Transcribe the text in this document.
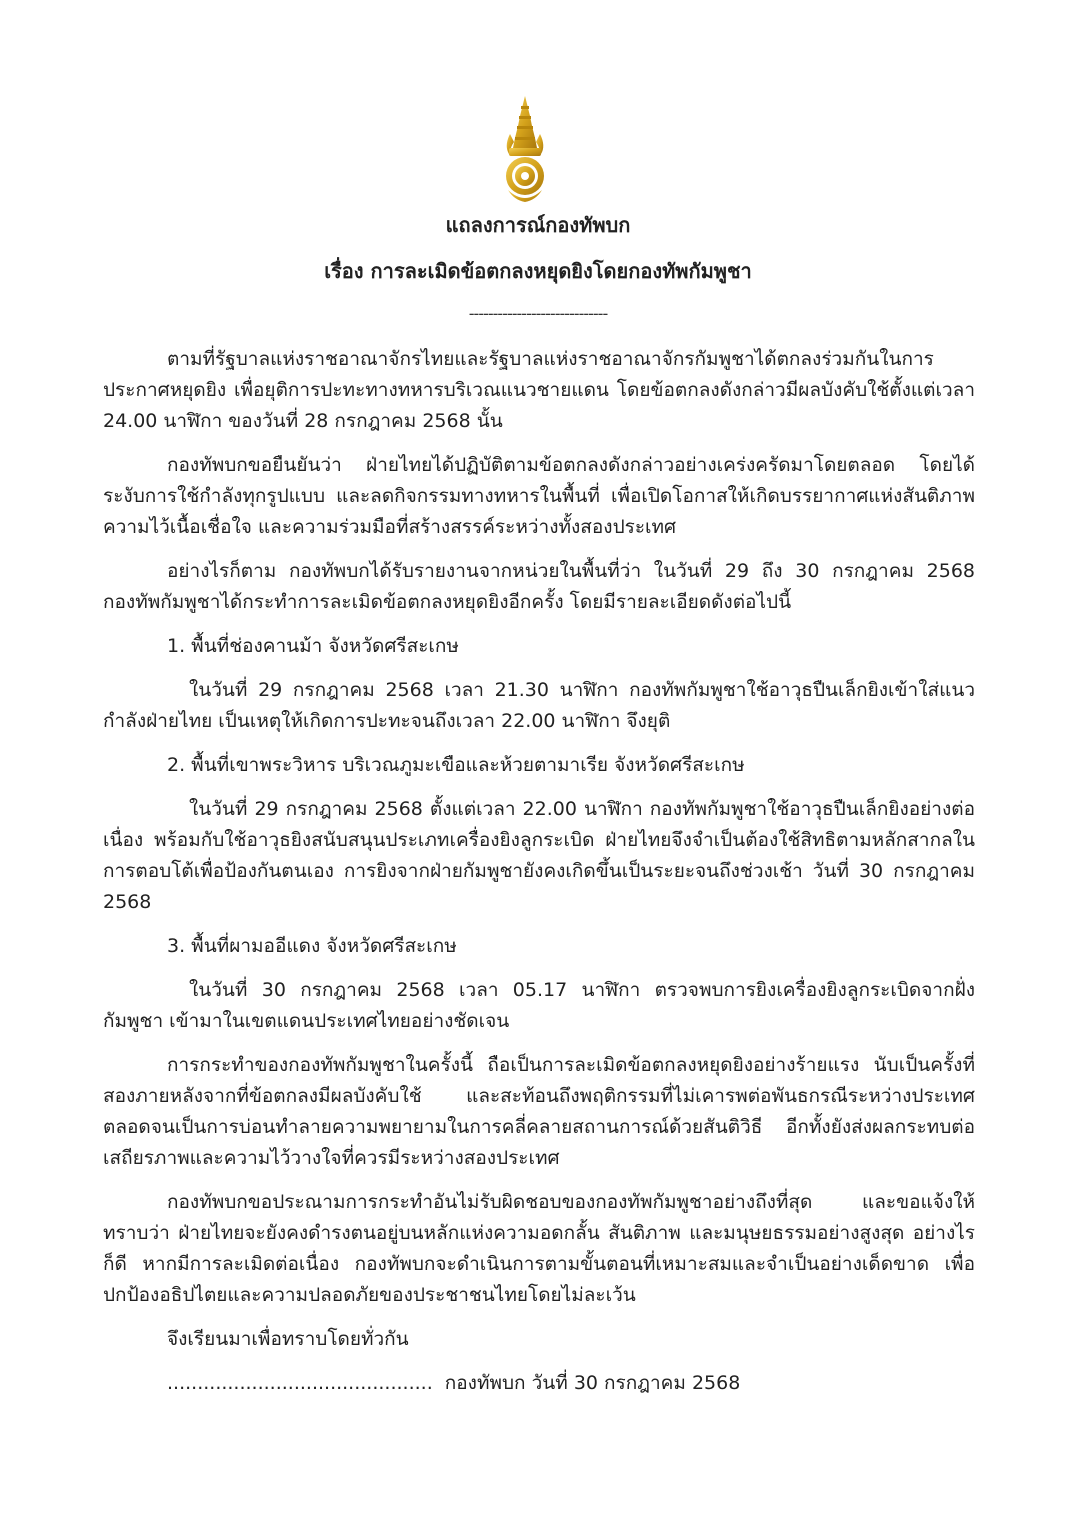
แถลงการณ์กองทัพบก
เรื่อง การละเมิดข้อตกลงหยุดยิงโดยกองทัพกัมพูชา
-----------------------------

ตามที่รัฐบาลแห่งราชอาณาจักรไทยและรัฐบาลแห่งราชอาณาจักรกัมพูชาได้ตกลงร่วมกันในการประกาศหยุดยิง เพื่อยุติการปะทะทางทหารบริเวณแนวชายแดน โดยข้อตกลงดังกล่าวมีผลบังคับใช้ตั้งแต่เวลา 24.00 นาฬิกา ของวันที่ 28 กรกฎาคม 2568 นั้น

กองทัพบกขอยืนยันว่า ฝ่ายไทยได้ปฏิบัติตามข้อตกลงดังกล่าวอย่างเคร่งครัดมาโดยตลอด โดยได้ระงับการใช้กำลังทุกรูปแบบ และลดกิจกรรมทางทหารในพื้นที่ เพื่อเปิดโอกาสให้เกิดบรรยากาศแห่งสันติภาพ ความไว้เนื้อเชื่อใจ และความร่วมมือที่สร้างสรรค์ระหว่างทั้งสองประเทศ

อย่างไรก็ตาม กองทัพบกได้รับรายงานจากหน่วยในพื้นที่ว่า ในวันที่ 29 ถึง 30 กรกฎาคม 2568 กองทัพกัมพูชาได้กระทำการละเมิดข้อตกลงหยุดยิงอีกครั้ง โดยมีรายละเอียดดังต่อไปนี้

1. พื้นที่ช่องคานม้า จังหวัดศรีสะเกษ

ในวันที่ 29 กรกฎาคม 2568 เวลา 21.30 นาฬิกา กองทัพกัมพูชาใช้อาวุธปืนเล็กยิงเข้าใส่แนวกำลังฝ่ายไทย เป็นเหตุให้เกิดการปะทะจนถึงเวลา 22.00 นาฬิกา จึงยุติ

2. พื้นที่เขาพระวิหาร บริเวณภูมะเขือและห้วยตามาเรีย จังหวัดศรีสะเกษ

ในวันที่ 29 กรกฎาคม 2568 ตั้งแต่เวลา 22.00 นาฬิกา กองทัพกัมพูชาใช้อาวุธปืนเล็กยิงอย่างต่อเนื่อง พร้อมกับใช้อาวุธยิงสนับสนุนประเภทเครื่องยิงลูกระเบิด ฝ่ายไทยจึงจำเป็นต้องใช้สิทธิตามหลักสากลในการตอบโต้เพื่อป้องกันตนเอง การยิงจากฝ่ายกัมพูชายังคงเกิดขึ้นเป็นระยะจนถึงช่วงเช้า วันที่ 30 กรกฎาคม 2568

3. พื้นที่ผามออีแดง จังหวัดศรีสะเกษ

ในวันที่ 30 กรกฎาคม 2568 เวลา 05.17 นาฬิกา ตรวจพบการยิงเครื่องยิงลูกระเบิดจากฝั่งกัมพูชา เข้ามาในเขตแดนประเทศไทยอย่างชัดเจน

การกระทำของกองทัพกัมพูชาในครั้งนี้ ถือเป็นการละเมิดข้อตกลงหยุดยิงอย่างร้ายแรง นับเป็นครั้งที่สองภายหลังจากที่ข้อตกลงมีผลบังคับใช้ และสะท้อนถึงพฤติกรรมที่ไม่เคารพต่อพันธกรณีระหว่างประเทศ ตลอดจนเป็นการบ่อนทำลายความพยายามในการคลี่คลายสถานการณ์ด้วยสันติวิธี อีกทั้งยังส่งผลกระทบต่อเสถียรภาพและความไว้วางใจที่ควรมีระหว่างสองประเทศ

กองทัพบกขอประณามการกระทำอันไม่รับผิดชอบของกองทัพกัมพูชาอย่างถึงที่สุด และขอแจ้งให้ทราบว่า ฝ่ายไทยจะยังคงดำรงตนอยู่บนหลักแห่งความอดกลั้น สันติภาพ และมนุษยธรรมอย่างสูงสุด อย่างไรก็ดี หากมีการละเมิดต่อเนื่อง กองทัพบกจะดำเนินการตามขั้นตอนที่เหมาะสมและจำเป็นอย่างเด็ดขาด เพื่อปกป้องอธิปไตยและความปลอดภัยของประชาชนไทยโดยไม่ละเว้น

จึงเรียนมาเพื่อทราบโดยทั่วกัน
............................................ กองทัพบก วันที่ 30 กรกฎาคม 2568
